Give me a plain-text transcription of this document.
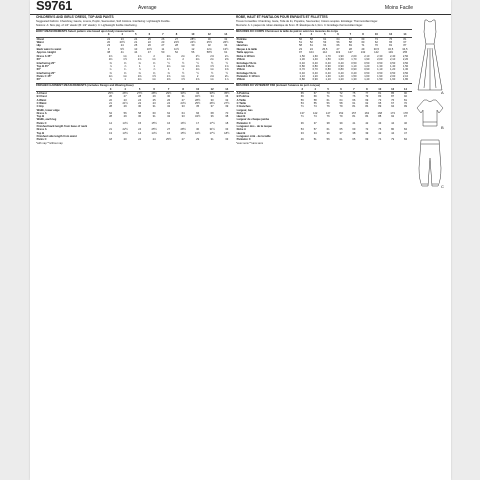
S9761	Average	Moins Facile
CHILDREN'S AND GIRLS' DRESS, TOP AND PANTS
Suggested Fabrics: Chambray, Gauze, Linens, Poplin, Seersucker, Soft Cottons. Interfacing: Lightweight Fusible.
Notions: A: Size pkg. of 1/4" elastic (B: 1/2" elastic). C: Lightweight fusible interfacing.
BODY MEASUREMENTS Select pattern size based upon body measurements
	3	4	5	6	7	8	10	12	14
Chest	22	23	24	25	26	27	28½	30	32
Waist	20	20½	21	22	23	23½	24½	25½	26½
Hip	23	24	25	26	27	28	30	32	34
Back waist to waist	9	9½	10	10½	11	11½	12	12¾	13½
Approx. Height	38	41	44	47	50	52	56	58½	61
Dress A 45"	1⅝	1¾	1⅞	2	2⅛	2¼	2½	2⅝	2¾
60"	1⅜	1½	1⅝	1¾	1⅞	2	2⅛	2¼	2⅜
Interfacing 20"	⅜	⅜	⅜	⅜	½	½	½	½	½
Top B 45"	⅞	⅞	1	1	1⅛	1¼	1⅜	1½	1⅝
60"	¾	¾	⅞	⅞	1	1	1⅛	1¼	1⅜
Interfacing 20"	⅜	⅜	⅜	⅜	⅜	½	½	½	½
Pants C 45"	1⅛	1¼	1⅜	1½	1⅝	1¾	2	2⅛	2¼
60"	⅞	1	1⅛	1¼	1⅜	1½	1⅝	1¾	1⅞
FINISHED GARMENT MEASUREMENTS (includes Design and Wearing Ease)
	3	4	5	6	7	8	10	12	14
A Chest	25½	26½	27½	28½	29½	30½	32	33½	35½
B Chest	26	27	28	29	30	31	32½	34	36
A Waist	22	23	24	25	26	27	28½	30	32
C Waist	21	21½	22	23	24	24½	25½	26½	27½
C Hip	28	29	30	31	32	33	35	37	39
Width, lower edge									
Dress A	54	56	58	60	62	64	66	68	70
Top B	28	29	30	31	32	33	34½	36	38
Width, each leg									
Pants C	14	14½	15	15½	16	16½	17	17½	18
Finished back length from base of neck									
Dress A	21	22½	24	25½	27	28½	30	31½	33
Top B	13	13½	14	14½	15	15½	16½	17½	18½
Finished side length from waist									
Pants C	18	20	22	24	25½	27	29	31	33
*with nap **without nap
ROBE, HAUT ET PANTALON POUR ENFANTS ET FILLETTES
Tissus Conseillés: Chambray, Gaze, Toile de lin, Popeline, Seersucker, Cotons souples. Entoilage: Thermocollant léger.
Mercerie: A: 1 paquet de ruban élastique de 6mm. B: Élastique de 1,3cm. C: Entoilage thermocollant léger.
MESURES DU CORPS Choisissez la taille de patron selon les mesures du corps
	3	4	5	6	7	8	10	12	14
Poitrine	56	58	61	64	66	69	73	76	81
Taille	51	52	53	56	58	60	62	65	67
Hanches	58	61	64	66	69	71	76	81	87
Nuque à la taille	23	24	25,5	27	28	29	30,5	32,5	34,5
Taille approx.	97	104	112	119	127	132	142	149	155
Robe A 115cm	1,50	1,60	1,70	1,90	2,00	2,10	2,30	2,40	2,50
150cm	1,30	1,40	1,50	1,60	1,70	1,90	2,00	2,10	2,20
Entoilage 51cm	0,40	0,40	0,40	0,40	0,50	0,50	0,50	0,50	0,50
Haut B 115cm	0,80	0,80	0,90	0,90	1,10	1,20	1,30	1,40	1,50
150cm	0,70	0,70	0,80	0,80	0,90	0,90	1,10	1,20	1,30
Entoilage 51cm	0,40	0,40	0,40	0,40	0,40	0,50	0,50	0,50	0,50
Pantalon C 115cm	1,10	1,20	1,30	1,40	1,50	1,60	1,90	2,00	2,10
150cm	0,80	0,90	1,10	1,20	1,30	1,40	1,50	1,60	1,80
MESURES DU VÊTEMENT FINI (incluant l'aisance de port conçue)
	3	4	5	6	7	8	10	12	14
A Poitrine	65	67	70	72	75	77	81	85	90
B Poitrine	66	69	71	74	76	79	83	87	92
A Taille	56	58	61	64	66	69	73	76	81
C Taille	53	55	56	58	61	62	65	67	70
C Hanches	71	74	76	79	81	84	89	94	99
Largeur, bas									
Robe A	137	142	147	152	157	163	168	173	178
Haut B	71	74	76	79	81	84	88	92	97
Largeur de chaque jambe									
Pantalon C	36	37	38	39	41	42	43	44	46
Longueur dos - de la nuque									
Robe A	53	57	61	65	69	72	76	80	84
Haut B	33	34	36	37	38	39	42	44	47
Longueur côté - de la taille									
Pantalon C	46	51	56	61	65	69	74	79	84
*avec sens **sans sens
A
B
C
